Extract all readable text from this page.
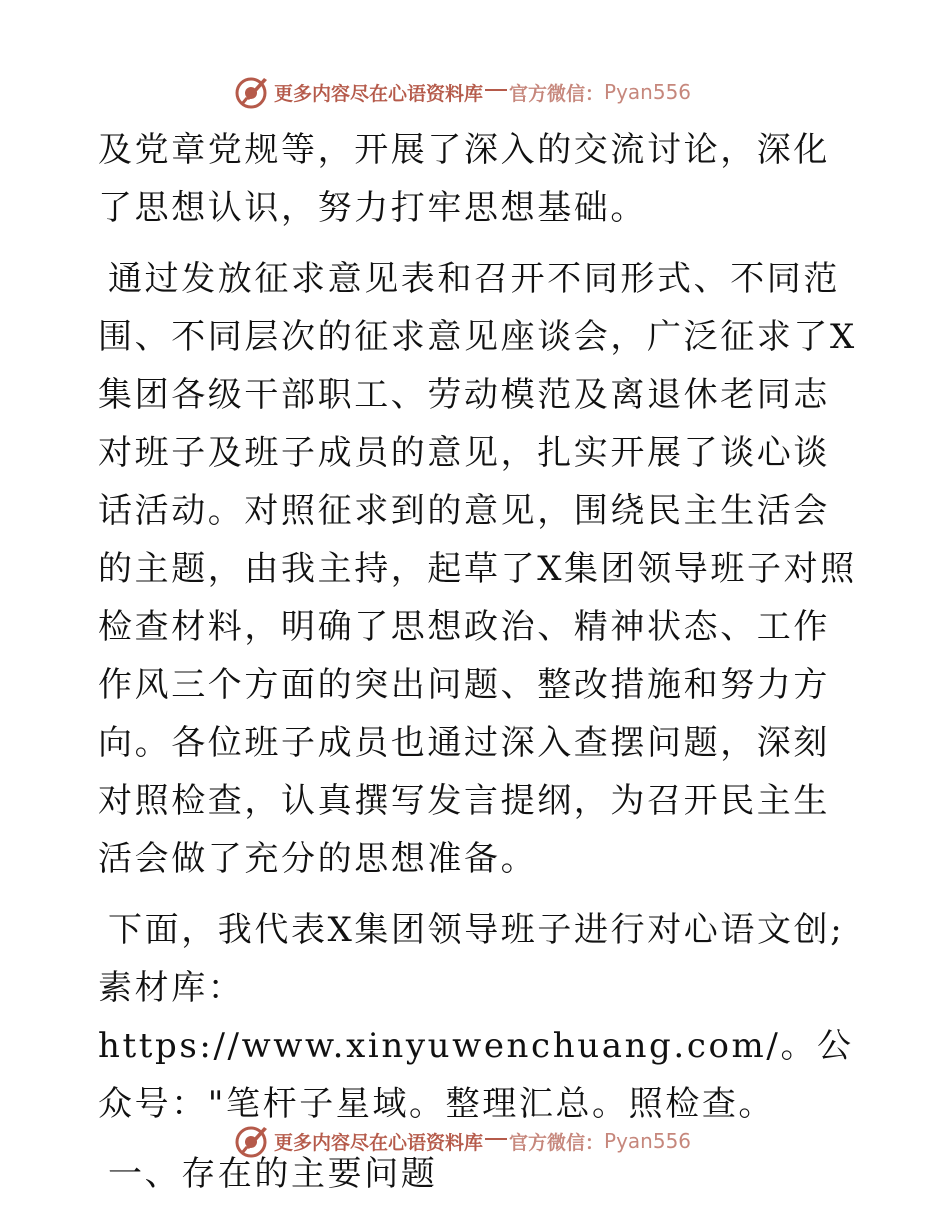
更多内容尽在心语资料库 官方微信： Pyan556

及党章党规等，开展了深入的交流讨论，深化了思想认识，努力打牢思想基础。

通过发放征求意见表和召开不同形式、不同范围、不同层次的征求意见座谈会，广泛征求了X集团各级干部职工、劳动模范及离退休老同志对班子及班子成员的意见，扎实开展了谈心谈话活动。对照征求到的意见，围绕民主生活会的主题，由我主持，起草了X集团领导班子对照检查材料，明确了思想政治、精神状态、工作作风三个方面的突出问题、整改措施和努力方向。各位班子成员也通过深入查摆问题，深刻对照检查，认真撰写发言提纲，为召开民主生活会做了充分的思想准备。

下面，我代表X集团领导班子进行对心语文创;素材库：https://www.xinyuwenchuang.com/。公众号："笔杆子星域。整理汇总。照检查。

一、存在的主要问题

更多内容尽在心语资料库 官方微信： Pyan556
